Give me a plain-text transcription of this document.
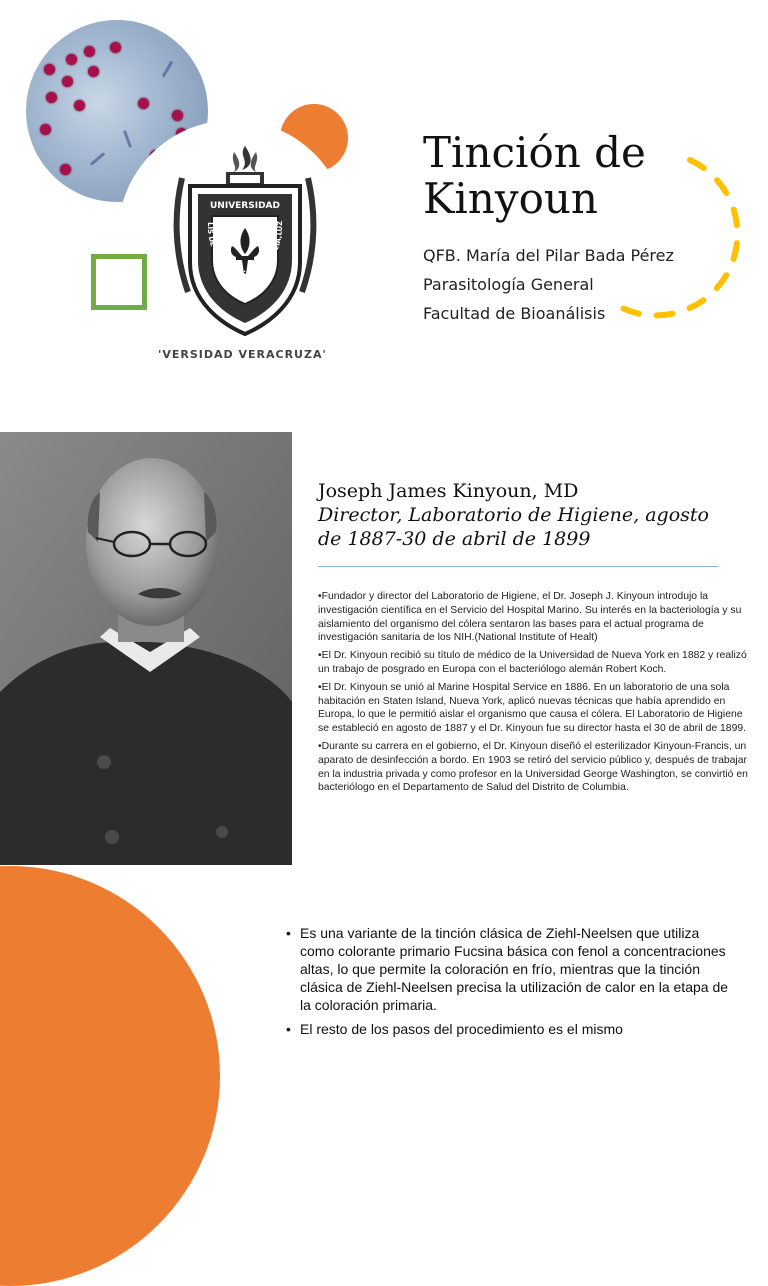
UNIVERSIDAD
LIS DE VERACRUZ:ARTE,CIENCIA,LUZ
'VERSIDAD VERACRUZA'
Tinción de
Kinyoun
QFB. María del Pilar Bada Pérez
Parasitología General
Facultad de Bioanálisis
Joseph James Kinyoun, MD
Director, Laboratorio de Higiene, agosto de 1887-30 de abril de 1899

•Fundador y director del Laboratorio de Higiene, el Dr. Joseph J. Kinyoun introdujo la investigación científica en el Servicio del Hospital Marino. Su interés en la bacteriología y su aislamiento del organismo del cólera sentaron las bases para el actual programa de investigación sanitaria de los NIH.(National Institute of Healt)

•El Dr. Kinyoun recibió su título de médico de la Universidad de Nueva York en 1882 y realizó un trabajo de posgrado en Europa con el bacteriólogo alemán Robert Koch.

•El Dr. Kinyoun se unió al Marine Hospital Service en 1886. En un laboratorio de una sola habitación en Staten Island, Nueva York, aplicó nuevas técnicas que había aprendido en Europa, lo que le permitió aislar el organismo que causa el cólera. El Laboratorio de Higiene se estableció en agosto de 1887 y el Dr. Kinyoun fue su director hasta el 30 de abril de 1899.

•Durante su carrera en el gobierno, el Dr. Kinyoun diseñó el esterilizador Kinyoun-Francis, un aparato de desinfección a bordo. En 1903 se retiró del servicio público y, después de trabajar en la industria privada y como profesor en la Universidad George Washington, se convirtió en bacteriólogo en el Departamento de Salud del Distrito de Columbia.

• Es una variante de la tinción clásica de Ziehl-Neelsen que utiliza como colorante primario Fucsina básica con fenol a concentraciones altas, lo que permite la coloración en frío, mientras que la tinción clásica de Ziehl-Neelsen precisa la utilización de calor en la etapa de la coloración primaria.
• El resto de los pasos del procedimiento es el mismo
